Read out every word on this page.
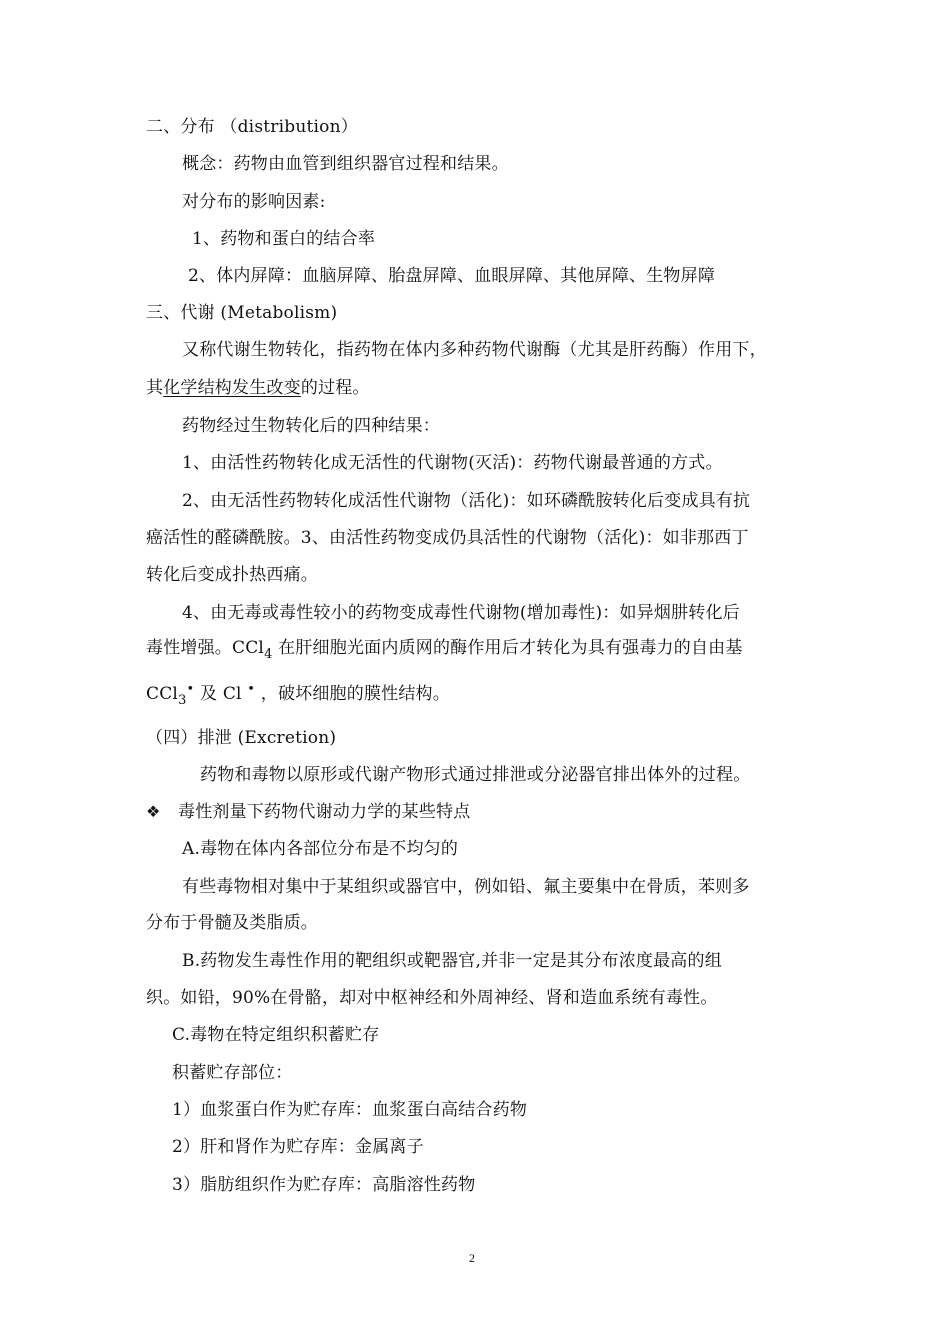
二、分布 （distribution）
概念：药物由血管到组织器官过程和结果。
对分布的影响因素:
1、药物和蛋白的结合率
2、体内屏障：血脑屏障、胎盘屏障、血眼屏障、其他屏障、生物屏障
三、代谢 (Metabolism)
又称代谢生物转化，指药物在体内多种药物代谢酶（尤其是肝药酶）作用下，
其化学结构发生改变的过程。
药物经过生物转化后的四种结果：
1、由活性药物转化成无活性的代谢物(灭活)：药物代谢最普通的方式。
2、由无活性药物转化成活性代谢物（活化)：如环磷酰胺转化后变成具有抗
癌活性的醛磷酰胺。3、由活性药物变成仍具活性的代谢物（活化)：如非那西丁
转化后变成扑热西痛。
4、由无毒或毒性较小的药物变成毒性代谢物(增加毒性)：如异烟肼转化后
毒性增强。CCl$_4$ 在肝细胞光面内质网的酶作用后才转化为具有强毒力的自由基
CCl$_3$• 及 Cl • ，破坏细胞的膜性结构。
（四）排泄 (Excretion)
药物和毒物以原形或代谢产物形式通过排泄或分泌器官排出体外的过程。
❖ 毒性剂量下药物代谢动力学的某些特点
A.毒物在体内各部位分布是不均匀的
有些毒物相对集中于某组织或器官中，例如铅、氟主要集中在骨质，苯则多
分布于骨髓及类脂质。
B.药物发生毒性作用的靶组织或靶器官,并非一定是其分布浓度最高的组
织。如铅，90%在骨骼，却对中枢神经和外周神经、肾和造血系统有毒性。
C.毒物在特定组织积蓄贮存
积蓄贮存部位：
1）血浆蛋白作为贮存库：血浆蛋白高结合药物
2）肝和肾作为贮存库：金属离子
3）脂肪组织作为贮存库：高脂溶性药物
2
